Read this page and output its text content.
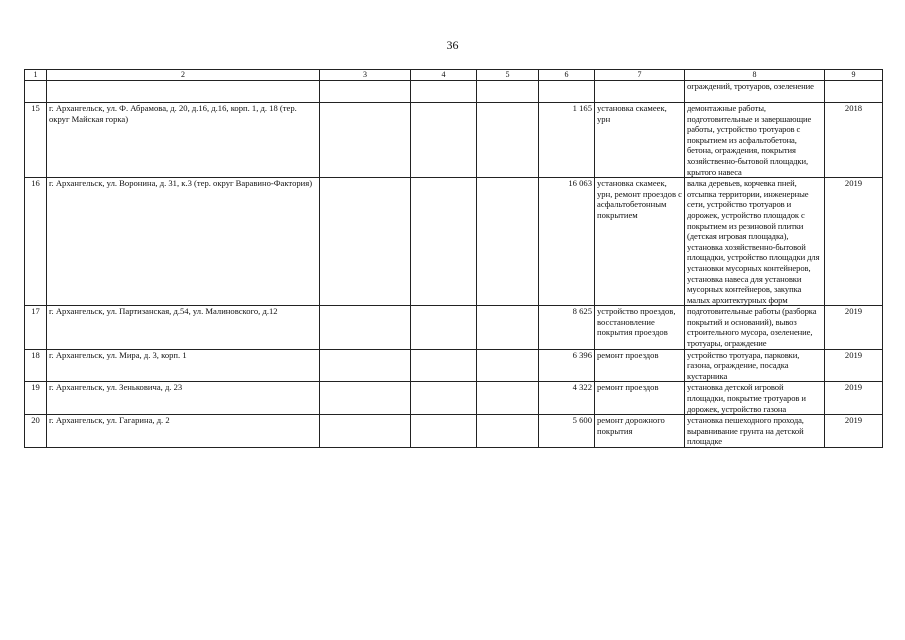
36
1	2	3	4	5	6	7	8	9
							ограждений, тротуаров, озеленение	
15	г. Архангельск, ул. Ф. Абрамова, д. 20, д.16, д.16, корп. 1, д. 18 (тер. округ Майская горка)				1 165	установка скамеек, урн	демонтажные работы, подготовительные и завершающие работы, устройство тротуаров с покрытием из асфальтобетона, бетона, ограждения, покрытия хозяйственно-бытовой площадки, крытого навеса	2018
16	г. Архангельск, ул. Воронина, д. 31, к.3 (тер. округ Варавино-Фактория)				16 063	установка скамеек, урн, ремонт проездов с асфальтобетонным покрытием	валка деревьев, корчевка пней, отсыпка территории, инженерные сети, устройство тротуаров и дорожек, устройство площадок с покрытием из резиновой плитки (детская игровая площадка), установка хозяйственно-бытовой площадки, устройство площадки для установки мусорных контейнеров, установка навеса для установки мусорных контейнеров, закупка малых архитектурных форм	2019
17	г. Архангельск, ул. Партизанская, д.54, ул. Малиновского, д.12				8 625	устройство проездов, восстановление покрытия проездов	подготовительные работы (разборка покрытий и оснований), вывоз строительного мусора, озеленение, тротуары, ограждение	2019
18	г. Архангельск, ул. Мира, д. 3, корп. 1				6 396	ремонт проездов	устройство тротуара, парковки, газона, ограждение, посадка кустарника	2019
19	г. Архангельск, ул. Зеньковича, д. 23				4 322	ремонт проездов	установка детской игровой площадки, покрытие тротуаров и дорожек, устройство газона	2019
20	г. Архангельск, ул. Гагарина, д. 2				5 600	ремонт дорожного покрытия	установка пешеходного прохода, выравнивание грунта на детской площадке	2019
